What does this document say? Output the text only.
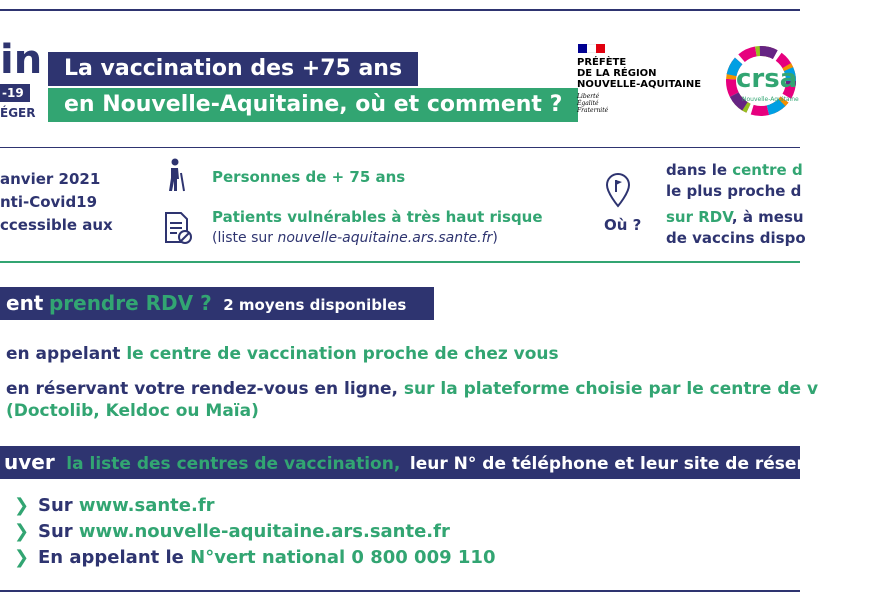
in
-19
ÉGER
La vaccination des +75 ans
en Nouvelle-Aquitaine, où et comment ?
PRÉFÈTE
DE LA RÉGION
NOUVELLE-AQUITAINE
Liberté
Égalité
Fraternité
crsa
Nouvelle-Aquitaine
anvier 2021
nti-Covid19
ccessible aux
Personnes de + 75 ans
Patients vulnérables à très haut risque
(liste sur nouvelle-aquitaine.ars.sante.fr)
Où ?
dans le centre d
le plus proche d
sur RDV, à mesu
de vaccins dispo
ent prendre RDV ? 2 moyens disponibles
en appelant le centre de vaccination proche de chez vous
en réservant votre rendez-vous en ligne, sur la plateforme choisie par le centre de v
(Doctolib, Keldoc ou Maïa)
uver la liste des centres de vaccination, leur N° de téléphone et leur site de réservation e
❯ Sur www.sante.fr
❯ Sur www.nouvelle-aquitaine.ars.sante.fr
❯ En appelant le N°vert national 0 800 009 110
